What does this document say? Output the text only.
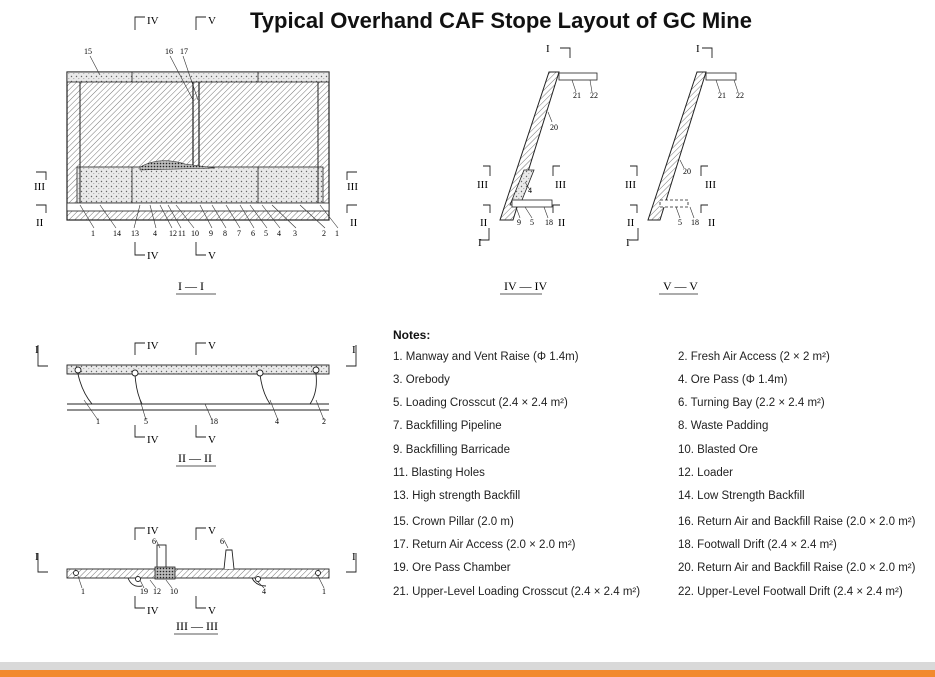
Typical Overhand CAF Stope Layout of GC Mine
15	16 17
1 14 13 4 12 11 10 9 8 7 6 5 4 3	2 1
I — I
IV	V
IV	V
III
II
III
II
I
I
III	III
II	II
21 22
20
4
9 5 18
IV — IV
I
I
III	III
II	II
21 22
20
5 18
V — V
IV	V
IV	V
I	I
1	5	18	4	2
II — II
IV	V
IV	V
I	I
6	6
1	19 12 10	4	1
III — III
Notes:
1. Manway and Vent Raise (Φ 1.4m)	2. Fresh Air Access (2 × 2 m²)
3. Orebody	4. Ore Pass (Φ 1.4m)
5. Loading Crosscut (2.4 × 2.4 m²)	6. Turning Bay (2.2 × 2.4 m²)
7. Backfilling Pipeline	8. Waste Padding
9. Backfilling Barricade	10. Blasted Ore
11. Blasting Holes	12. Loader
13. High strength Backfill	14. Low Strength Backfill
15. Crown Pillar (2.0 m)	16. Return Air and Backfill Raise (2.0 × 2.0 m²)
17. Return Air Access (2.0 × 2.0 m²)	18. Footwall Drift (2.4 × 2.4 m²)
19. Ore Pass Chamber	20. Return Air and Backfill Raise (2.0 × 2.0 m²)
21. Upper-Level Loading Crosscut (2.4 × 2.4 m²)	22. Upper-Level Footwall Drift (2.4 × 2.4 m²)
